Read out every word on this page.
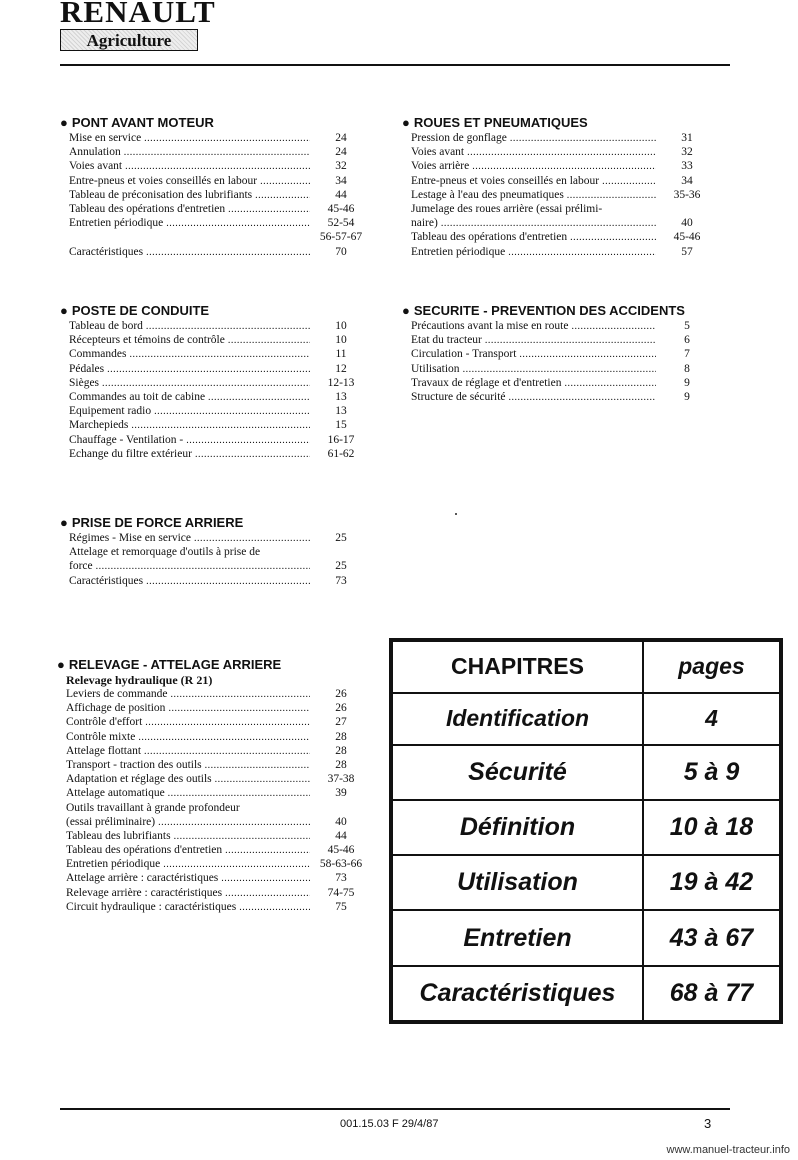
RENAULT
Agriculture
● PONT AVANT MOTEUR
Mise en service .....	24
Annulation .....	24
Voies avant .....	32
Entre-pneus et voies conseillés en labour .....	34
Tableau de préconisation des lubrifiants .....	44
Tableau des opérations d'entretien .....	45-46
Entretien périodique .....	52-54
56-57-67
Caractéristiques .....	70
● POSTE DE CONDUITE
Tableau de bord .....	10
Récepteurs et témoins de contrôle .....	10
Commandes .....	11
Pédales .....	12
Sièges .....	12-13
Commandes au toit de cabine .....	13
Equipement radio .....	13
Marchepieds .....	15
Chauffage - Ventilation - .....	16-17
Echange du filtre extérieur .....	61-62
● PRISE DE FORCE ARRIERE
Régimes - Mise en service .....	25
Attelage et remorquage d'outils à prise de
force .....	25
Caractéristiques .....	73
● RELEVAGE - ATTELAGE ARRIERE
Relevage hydraulique (R 21)
Leviers de commande .....	26
Affichage de position .....	26
Contrôle d'effort .....	27
Contrôle mixte .....	28
Attelage flottant .....	28
Transport - traction des outils .....	28
Adaptation et réglage des outils .....	37-38
Attelage automatique .....	39
Outils travaillant à grande profondeur
(essai préliminaire) .....	40
Tableau des lubrifiants .....	44
Tableau des opérations d'entretien .....	45-46
Entretien périodique .....	58-63-66
Attelage arrière : caractéristiques .....	73
Relevage arrière : caractéristiques .....	74-75
Circuit hydraulique : caractéristiques .....	75
● ROUES ET PNEUMATIQUES
Pression de gonflage .....	31
Voies avant .....	32
Voies arrière .....	33
Entre-pneus et voies conseillés en labour .....	34
Lestage à l'eau des pneumatiques .....	35-36
Jumelage des roues arrière (essai prélimi-
naire) .....	40
Tableau des opérations d'entretien .....	45-46
Entretien périodique .....	57
● SECURITE - PREVENTION DES ACCIDENTS
Précautions avant la mise en route .....	5
Etat du tracteur .....	6
Circulation - Transport .....	7
Utilisation .....	8
Travaux de réglage et d'entretien .....	9
Structure de sécurité .....	9
CHAPITRES	pages
Identification	4
Sécurité	5 à 9
Définition	10 à 18
Utilisation	19 à 42
Entretien	43 à 67
Caractéristiques	68 à 77
001.15.03 F 29/4/87	3
www.manuel-tracteur.info
